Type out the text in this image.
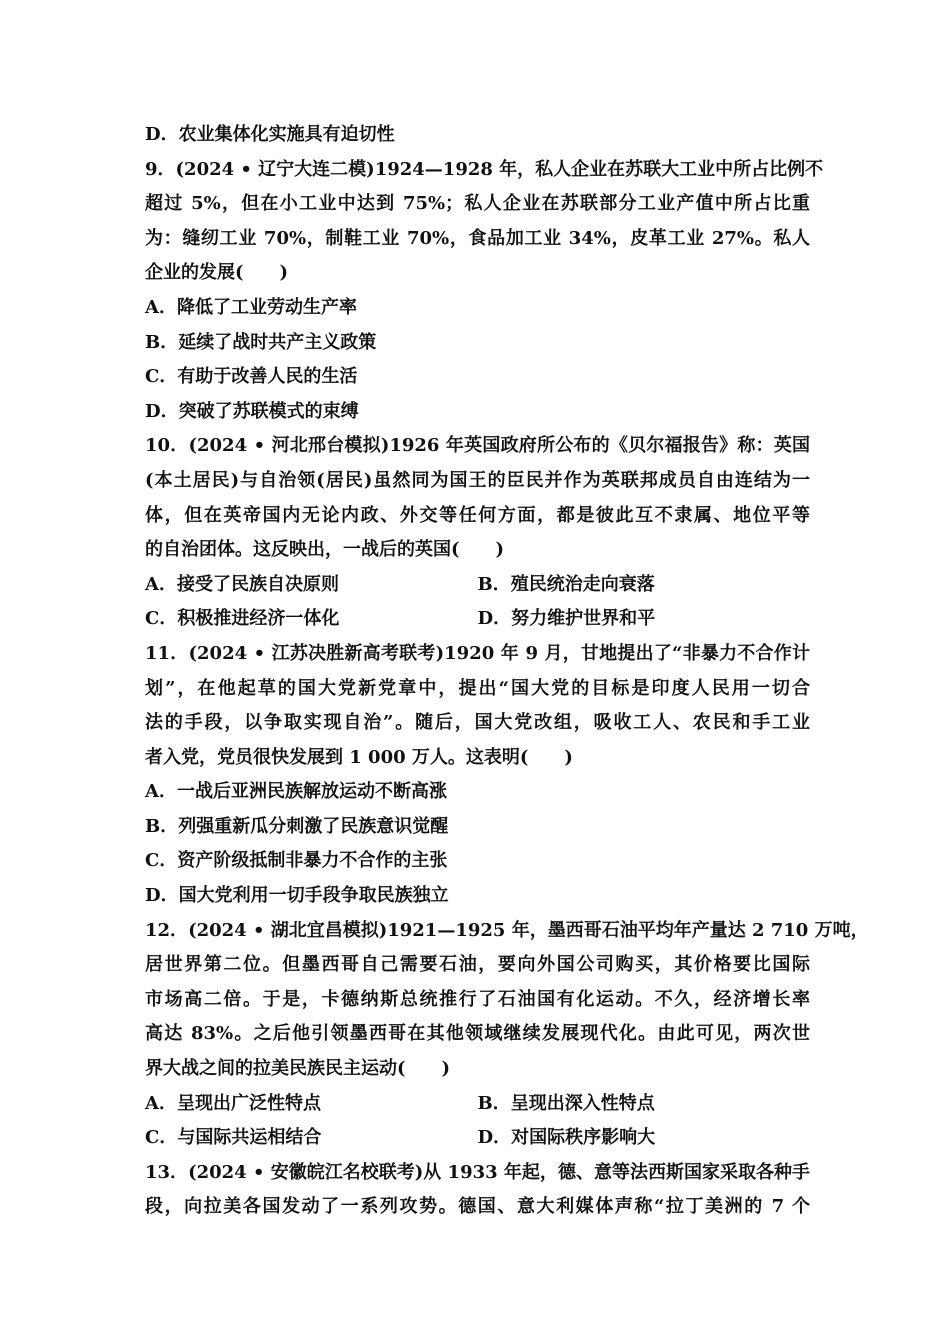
D．农业集体化实施具有迫切性
9．(2024 • 辽宁大连二模)1924—1928 年，私人企业在苏联大工业中所占比例不
超过 5%，但在小工业中达到 75%；私人企业在苏联部分工业产值中所占比重
为：缝纫工业 70%，制鞋工业 70%，食品加工业 34%，皮革工业 27%。私人
企业的发展(　　)
A．降低了工业劳动生产率
B．延续了战时共产主义政策
C．有助于改善人民的生活
D．突破了苏联模式的束缚
10．(2024 • 河北邢台模拟)1926 年英国政府所公布的《贝尔福报告》称：英国
(本土居民)与自治领(居民)虽然同为国王的臣民并作为英联邦成员自由连结为一
体，但在英帝国内无论内政、外交等任何方面，都是彼此互不隶属、地位平等
的自治团体。这反映出，一战后的英国(　　)
A．接受了民族自决原则	B．殖民统治走向衰落
C．积极推进经济一体化	D．努力维护世界和平
11．(2024 • 江苏决胜新高考联考)1920 年 9 月，甘地提出了“非暴力不合作计
划”，在他起草的国大党新党章中，提出“国大党的目标是印度人民用一切合
法的手段，以争取实现自治”。随后，国大党改组，吸收工人、农民和手工业
者入党，党员很快发展到 1 000 万人。这表明(　　)
A．一战后亚洲民族解放运动不断高涨
B．列强重新瓜分刺激了民族意识觉醒
C．资产阶级抵制非暴力不合作的主张
D．国大党利用一切手段争取民族独立
12．(2024 • 湖北宜昌模拟)1921—1925 年，墨西哥石油平均年产量达 2 710 万吨，
居世界第二位。但墨西哥自己需要石油，要向外国公司购买，其价格要比国际
市场高二倍。于是，卡德纳斯总统推行了石油国有化运动。不久，经济增长率
高达 83%。之后他引领墨西哥在其他领域继续发展现代化。由此可见，两次世
界大战之间的拉美民族民主运动(　　)
A．呈现出广泛性特点	B．呈现出深入性特点
C．与国际共运相结合	D．对国际秩序影响大
13．(2024 • 安徽皖江名校联考)从 1933 年起，德、意等法西斯国家采取各种手
段，向拉美各国发动了一系列攻势。德国、意大利媒体声称“拉丁美洲的 7 个
